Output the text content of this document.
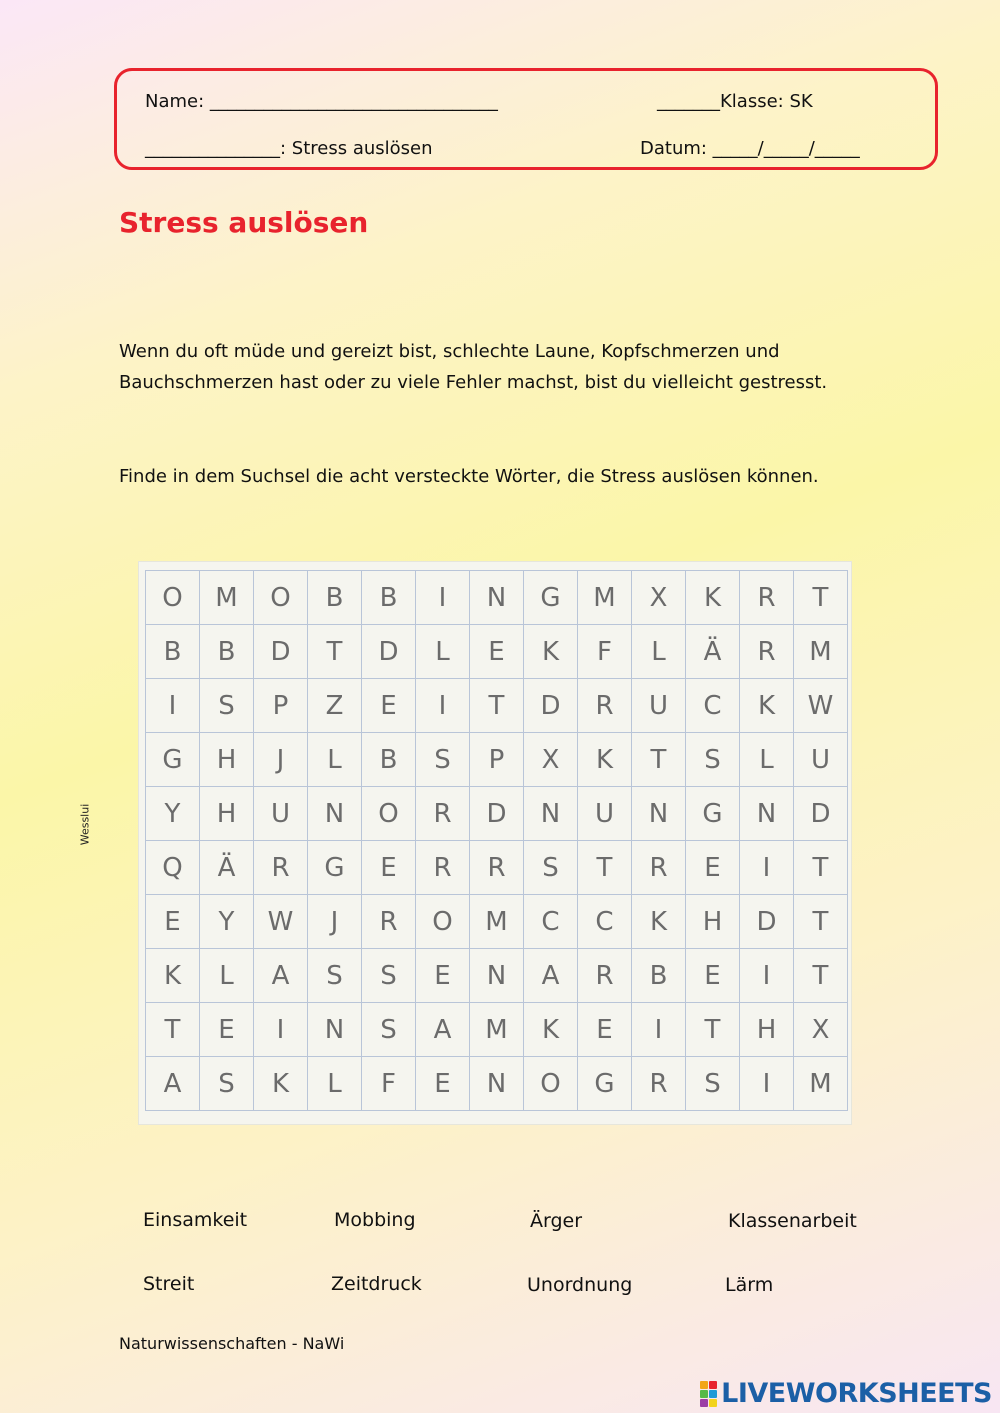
Name: ________________________________	_______Klasse: SK
_______________: Stress auslösen	Datum: _____/_____/_____
Stress auslösen
Wenn du oft müde und gereizt bist, schlechte Laune, Kopfschmerzen und
Bauchschmerzen hast oder zu viele Fehler machst, bist du vielleicht gestresst.

Finde in dem Suchsel die acht versteckte Wörter, die Stress auslösen können.

Wesslui
O	M	O	B	B	I	N	G	M	X	K	R	T
B	B	D	T	D	L	E	K	F	L	Ä	R	M
I	S	P	Z	E	I	T	D	R	U	C	K	W
G	H	J	L	B	S	P	X	K	T	S	L	U
Y	H	U	N	O	R	D	N	U	N	G	N	D
Q	Ä	R	G	E	R	R	S	T	R	E	I	T
E	Y	W	J	R	O	M	C	C	K	H	D	T
K	L	A	S	S	E	N	A	R	B	E	I	T
T	E	I	N	S	A	M	K	E	I	T	H	X
A	S	K	L	F	E	N	O	G	R	S	I	M
Einsamkeit	Mobbing	Ärger	Klassenarbeit
Streit	Zeitdruck	Unordnung	Lärm
Naturwissenschaften - NaWi
LIVEWORKSHEETS
